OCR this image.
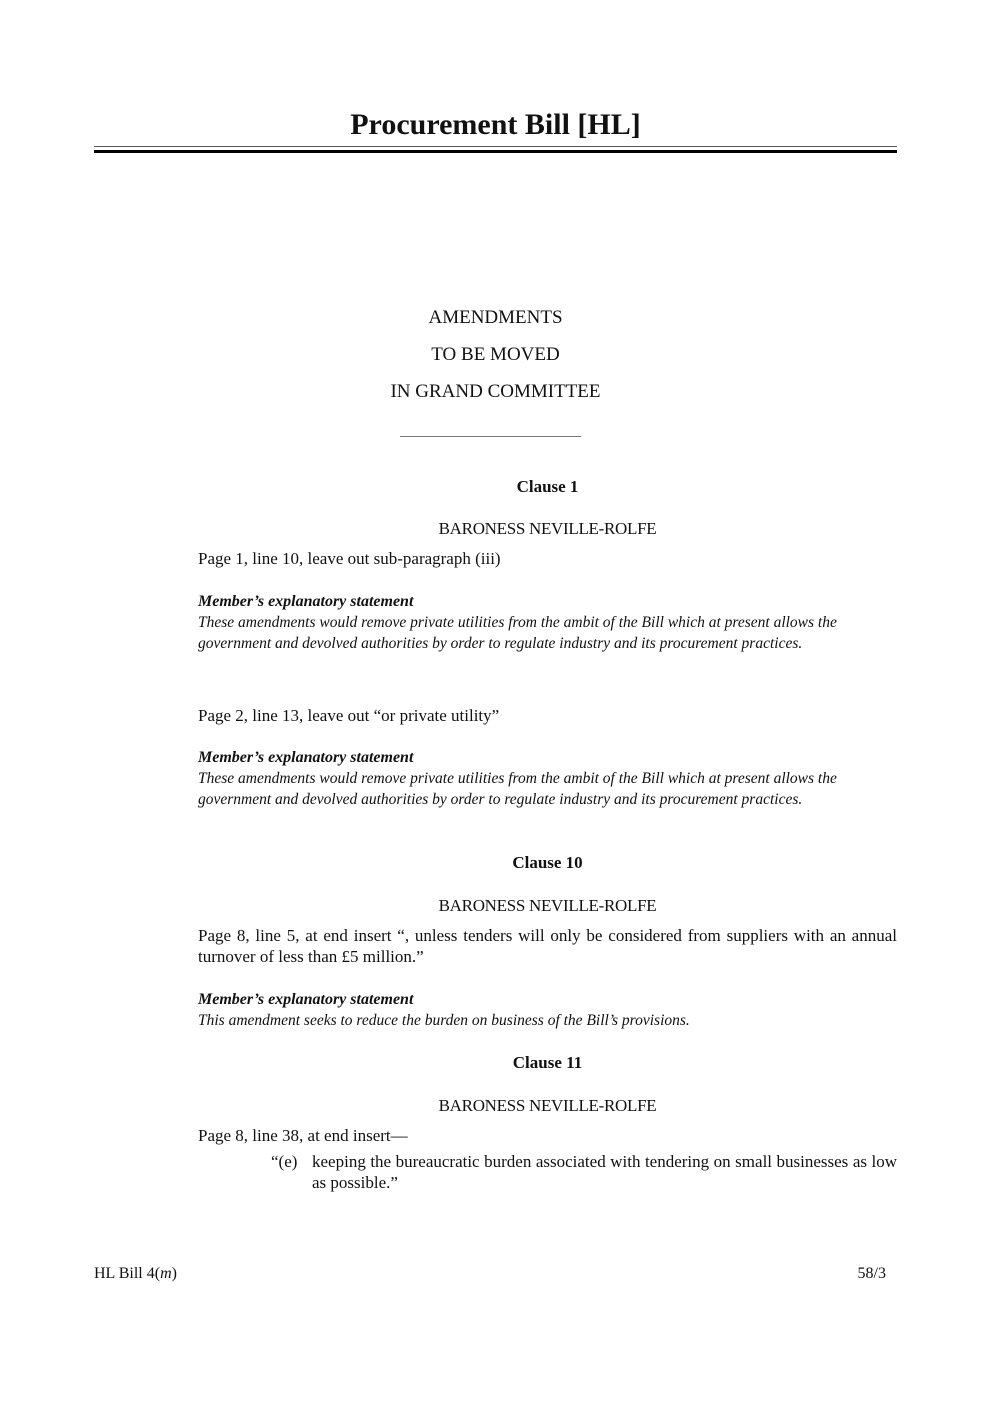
Procurement Bill [HL]
AMENDMENTS
TO BE MOVED
IN GRAND COMMITTEE
Clause 1
BARONESS NEVILLE-ROLFE
Page 1, line 10, leave out sub-paragraph (iii)
Member’s explanatory statement
These amendments would remove private utilities from the ambit of the Bill which at present allows the government and devolved authorities by order to regulate industry and its procurement practices.
Page 2, line 13, leave out “or private utility”
Member’s explanatory statement
These amendments would remove private utilities from the ambit of the Bill which at present allows the government and devolved authorities by order to regulate industry and its procurement practices.
Clause 10
BARONESS NEVILLE-ROLFE
Page 8, line 5, at end insert “, unless tenders will only be considered from suppliers with an annual turnover of less than £5 million.”
Member’s explanatory statement
This amendment seeks to reduce the burden on business of the Bill’s provisions.
Clause 11
BARONESS NEVILLE-ROLFE
Page 8, line 38, at end insert—
“(e) keeping the bureaucratic burden associated with tendering on small businesses as low as possible.”
HL Bill 4(m)	58/3
